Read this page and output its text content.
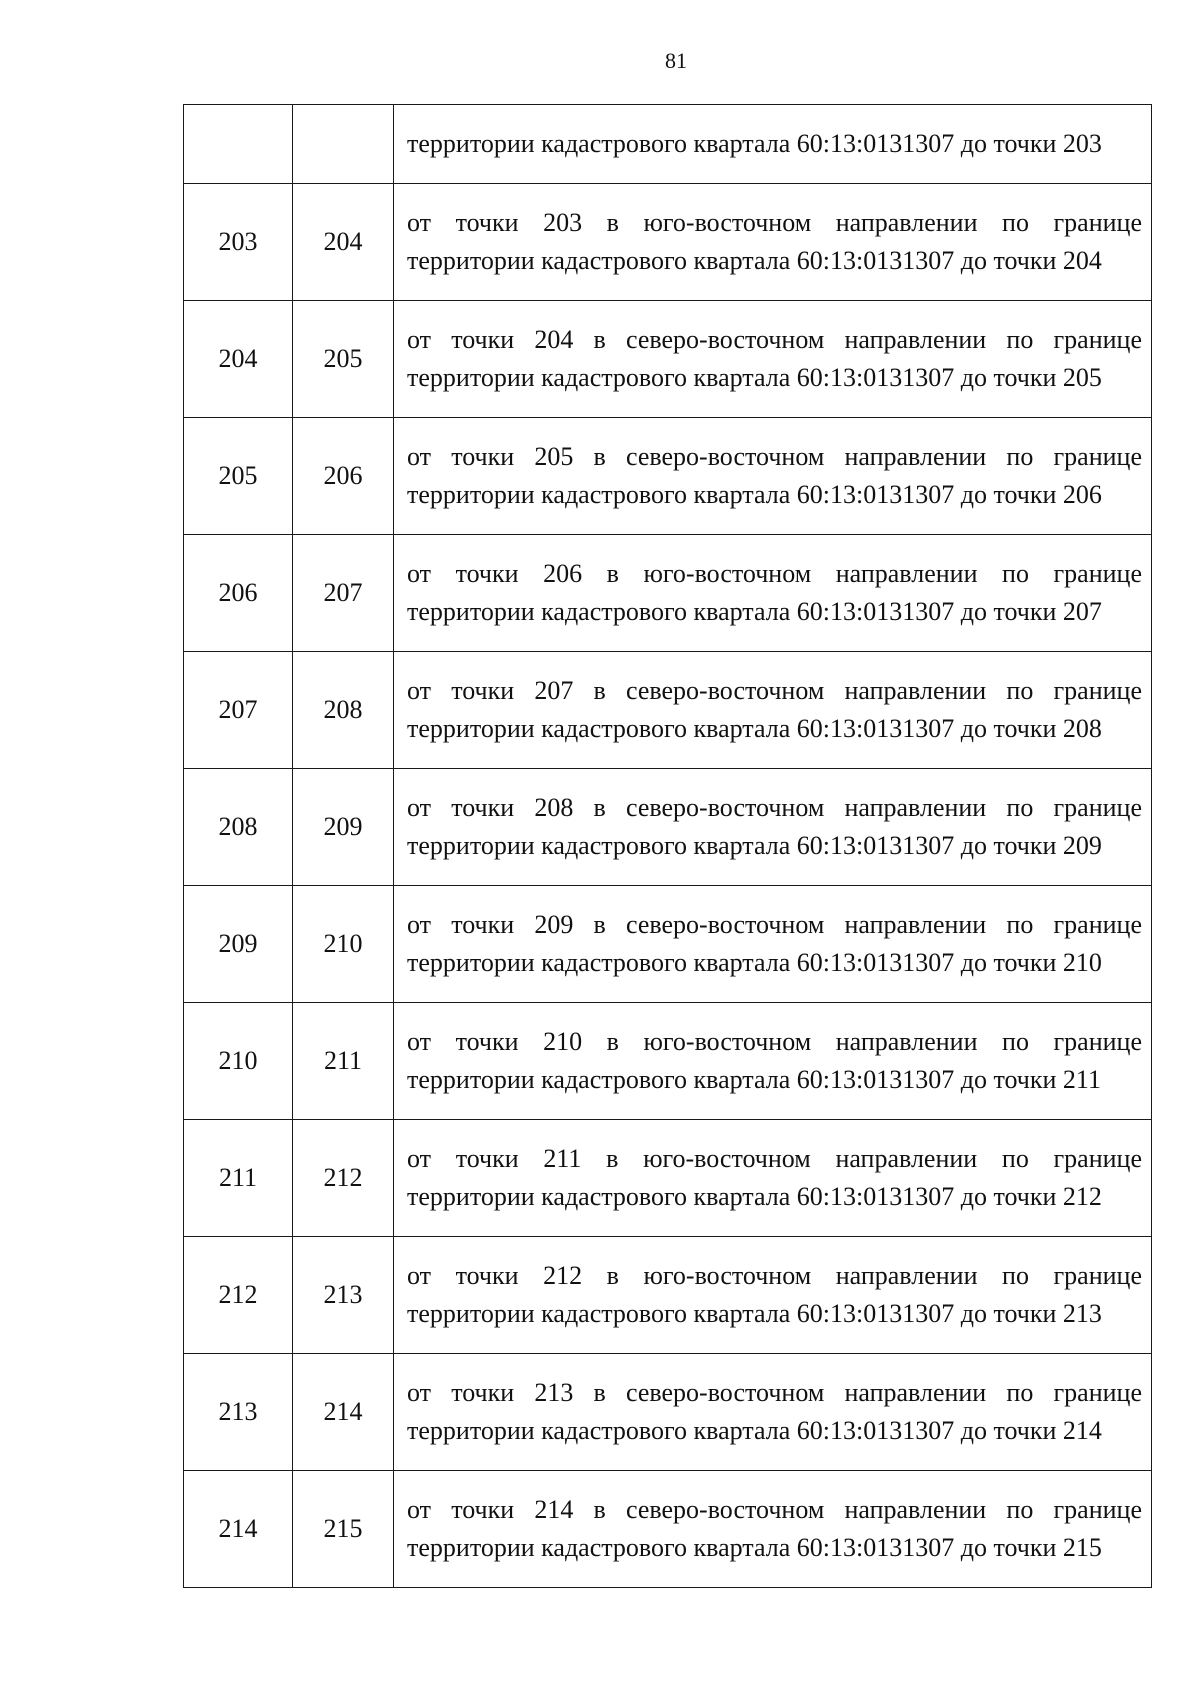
81
		территории кадастрового квартала 60:13:0131307 до точки 203
203	204	от точки 203 в юго-восточном направлении по границе территории кадастрового квартала 60:13:0131307 до точки 204
204	205	от точки 204 в северо-восточном направлении по границе территории кадастрового квартала 60:13:0131307 до точки 205
205	206	от точки 205 в северо-восточном направлении по границе территории кадастрового квартала 60:13:0131307 до точки 206
206	207	от точки 206 в юго-восточном направлении по границе территории кадастрового квартала 60:13:0131307 до точки 207
207	208	от точки 207 в северо-восточном направлении по границе территории кадастрового квартала 60:13:0131307 до точки 208
208	209	от точки 208 в северо-восточном направлении по границе территории кадастрового квартала 60:13:0131307 до точки 209
209	210	от точки 209 в северо-восточном направлении по границе территории кадастрового квартала 60:13:0131307 до точки 210
210	211	от точки 210 в юго-восточном направлении по границе территории кадастрового квартала 60:13:0131307 до точки 211
211	212	от точки 211 в юго-восточном направлении по границе территории кадастрового квартала 60:13:0131307 до точки 212
212	213	от точки 212 в юго-восточном направлении по границе территории кадастрового квартала 60:13:0131307 до точки 213
213	214	от точки 213 в северо-восточном направлении по границе территории кадастрового квартала 60:13:0131307 до точки 214
214	215	от точки 214 в северо-восточном направлении по границе территории кадастрового квартала 60:13:0131307 до точки 215
